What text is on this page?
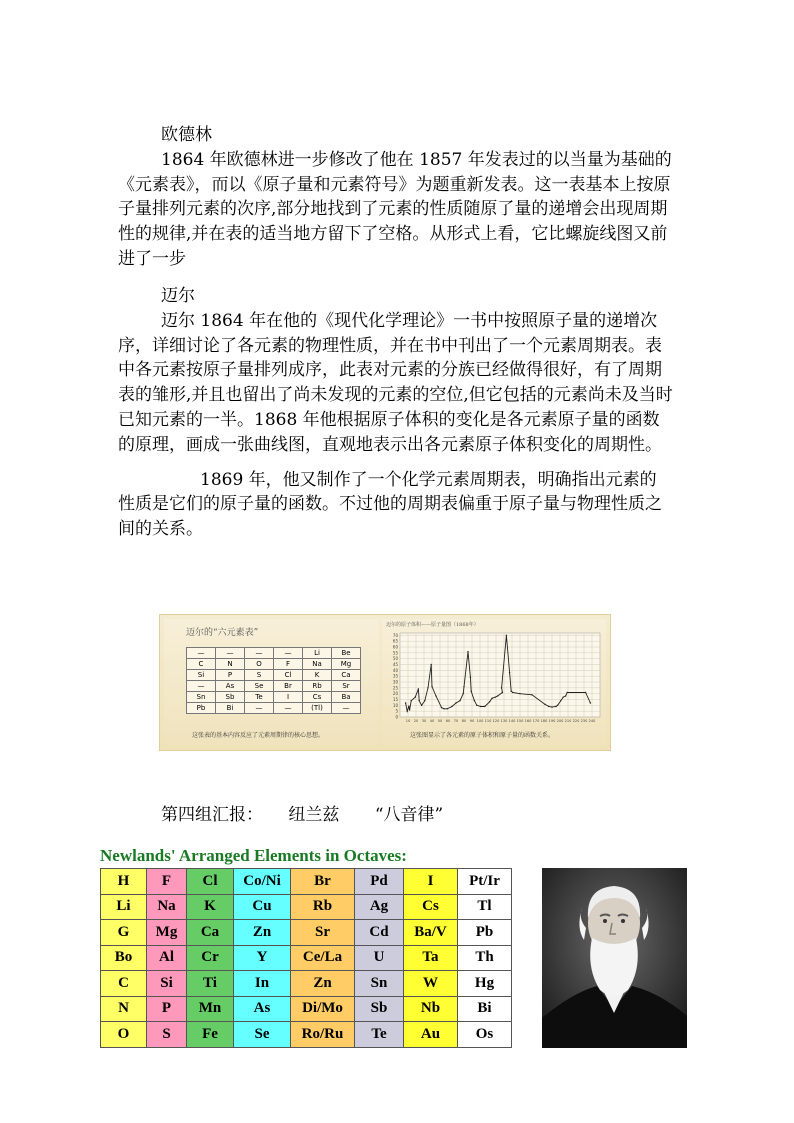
欧德林

1864 年欧德林进一步修改了他在 1857 年发表过的以当量为基础的《元素表》，而以《原子量和元素符号》为题重新发表。这一表基本上按原子量排列元素的次序,部分地找到了元素的性质随原了量的递增会出现周期性的规律,并在表的适当地方留下了空格。从形式上看，它比螺旋线图又前进了一步

迈尔

迈尔 1864 年在他的《现代化学理论》一书中按照原子量的递增次序，详细讨论了各元素的物理性质，并在书中刊出了一个元素周期表。表中各元素按原子量排列成序，此表对元素的分族已经做得很好，有了周期表的雏形,并且也留出了尚未发现的元素的空位,但它包括的元素尚未及当时已知元素的一半。1868 年他根据原子体积的变化是各元素原子量的函数的原理，画成一张曲线图，直观地表示出各元素原子体积变化的周期性。

1869 年，他又制作了一个化学元素周期表，明确指出元素的性质是它们的原子量的函数。不过他的周期表偏重于原子量与物理性质之间的关系。

迈尔的“六元素表”
—	—	—	—	Li	Be
C	N	O	F	Na	Mg
Si	P	S	Cl	K	Ca
—	As	Se	Br	Rb	Sr
Sn	Sb	Te	I	Cs	Ba
Pb	Bi	—	—	(Tl)	—
这张表的基本内容反应了元素周期律的核心思想。
迈尔的原子体积——原子量图（1868年）
70
65
60
55
50
45
40
35
30
25
20
15
10
5
0
10 20 30 40 50 60 70 80 90 100 110 120 130 140 150 160 170 180 190 200 210 220 230 240
这张图显示了各元素的原子体积和原子量的函数关系。
第四组汇报： 纽兰兹 “八音律”
Newlands' Arranged Elements in Octaves:
H	F	Cl	Co/Ni	Br	Pd	I	Pt/Ir
Li	Na	K	Cu	Rb	Ag	Cs	Tl
G	Mg	Ca	Zn	Sr	Cd	Ba/V	Pb
Bo	Al	Cr	Y	Ce/La	U	Ta	Th
C	Si	Ti	In	Zn	Sn	W	Hg
N	P	Mn	As	Di/Mo	Sb	Nb	Bi
O	S	Fe	Se	Ro/Ru	Te	Au	Os
